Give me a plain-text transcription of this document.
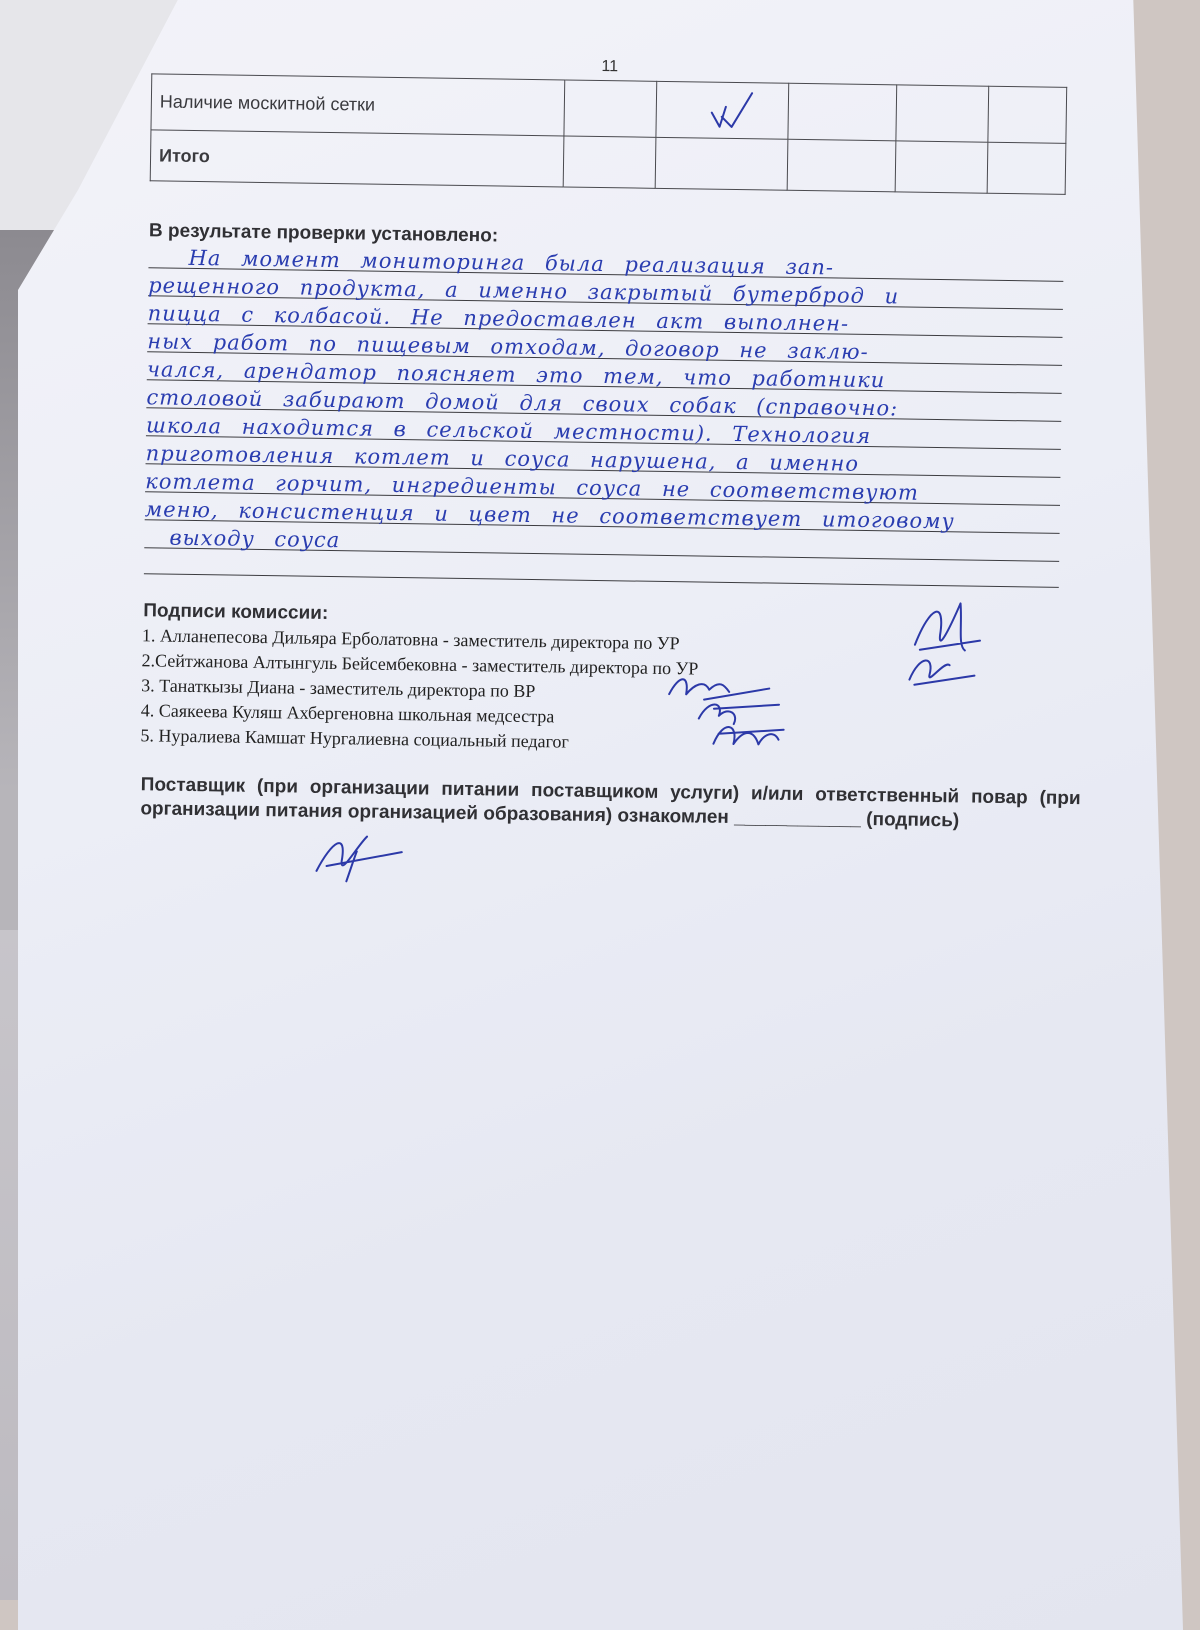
11
Наличие москитной сетки					
Итого					
В результате проверки установлено:
На момент мониторинга была реализация зап-
рещенного продукта, а именно закрытый бутерброд и
пицца с колбасой. Не предоставлен акт выполнен-
ных работ по пищевым отходам, договор не заклю-
чался, арендатор поясняет это тем, что работники
столовой забирают домой для своих собак (справочно:
школа находится в сельской местности). Технология
приготовления котлет и соуса нарушена, а именно
котлета горчит, ингредиенты соуса не соответствуют
меню, консистенция и цвет не соответствует итоговому
выходу соуса
Подписи комиссии:
1. Алланепесова Дильяра Ерболатовна - заместитель директора по УР
2.Сейтжанова Алтынгуль Бейсембековна - заместитель директора по УР
3. Танаткызы Диана - заместитель директора по ВР
4. Саякеева Куляш Ахбергеновна школьная медсестра
5. Нуралиева Камшат Нургалиевна социальный педагог
Поставщик (при организации питании поставщиком услуги) и/или ответственный повар (при организации питания организацией образования) ознакомлен ____________ (подпись)
